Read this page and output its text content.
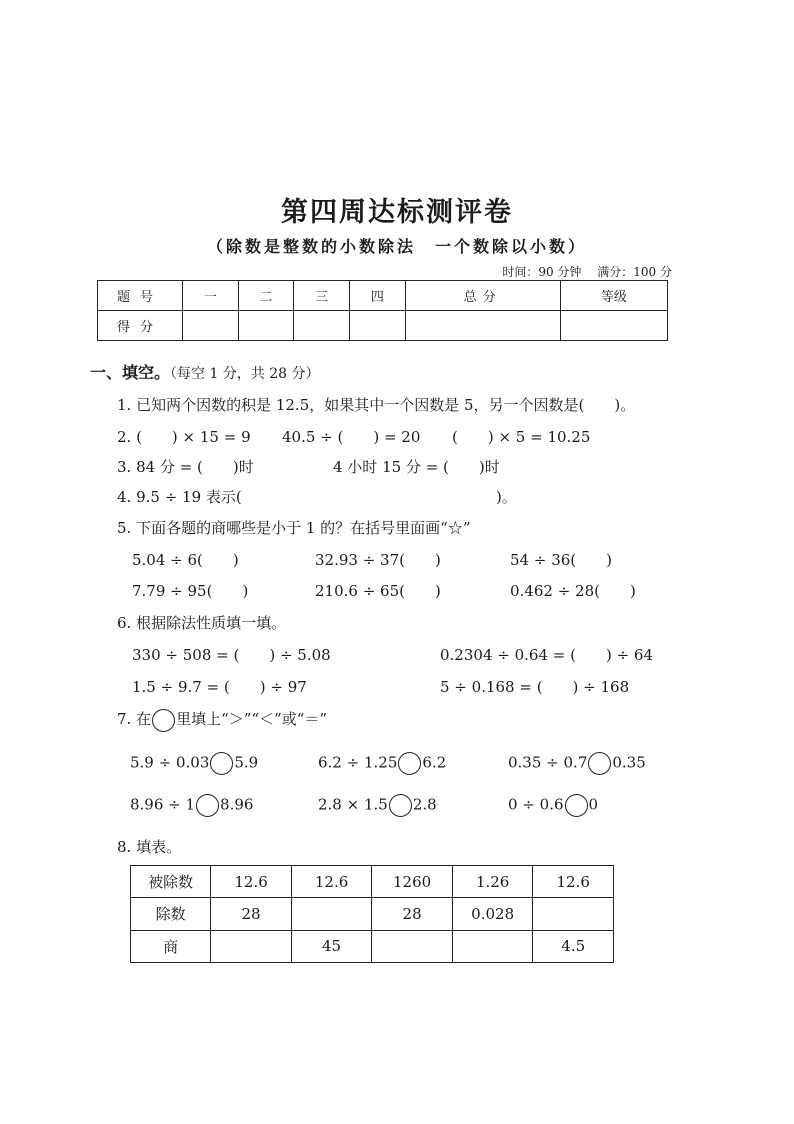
第四周达标测评卷
（除数是整数的小数除法　一个数除以小数）
时间：90 分钟 满分：100 分
题号	一	二	三	四	总分	等级
得分						
一、填空。（每空 1 分，共 28 分）
1. 已知两个因数的积是 12.5，如果其中一个因数是 5，另一个因数是(　　)。
2. (　　) × 15 = 9 40.5 ÷ (　　) = 20 (　　) × 5 = 10.25
3. 84 分 = (　　)时	4 小时 15 分 = (　　)时
4. 9.5 ÷ 19 表示(	)。
5. 下面各题的商哪些是小于 1 的？在括号里面画“☆”
5.04 ÷ 6(　　)	32.93 ÷ 37(　　)	54 ÷ 36(　　)
7.79 ÷ 95(　　)	210.6 ÷ 65(　　)	0.462 ÷ 28(　　)
6. 根据除法性质填一填。
330 ÷ 508 = (　　) ÷ 5.08	0.2304 ÷ 0.64 = (　　) ÷ 64
1.5 ÷ 9.7 = (　　) ÷ 97	5 ÷ 0.168 = (　　) ÷ 168
7. 在 里填上“＞”“＜”或“＝”
5.9 ÷ 0.03 5.9	6.2 ÷ 1.25 6.2	0.35 ÷ 0.7 0.35
8.96 ÷ 1 8.96	2.8 × 1.5 2.8	0 ÷ 0.6 0
8. 填表。
被除数	12.6	12.6	1260	1.26	12.6
除数	28		28	0.028	
商		45			4.5
